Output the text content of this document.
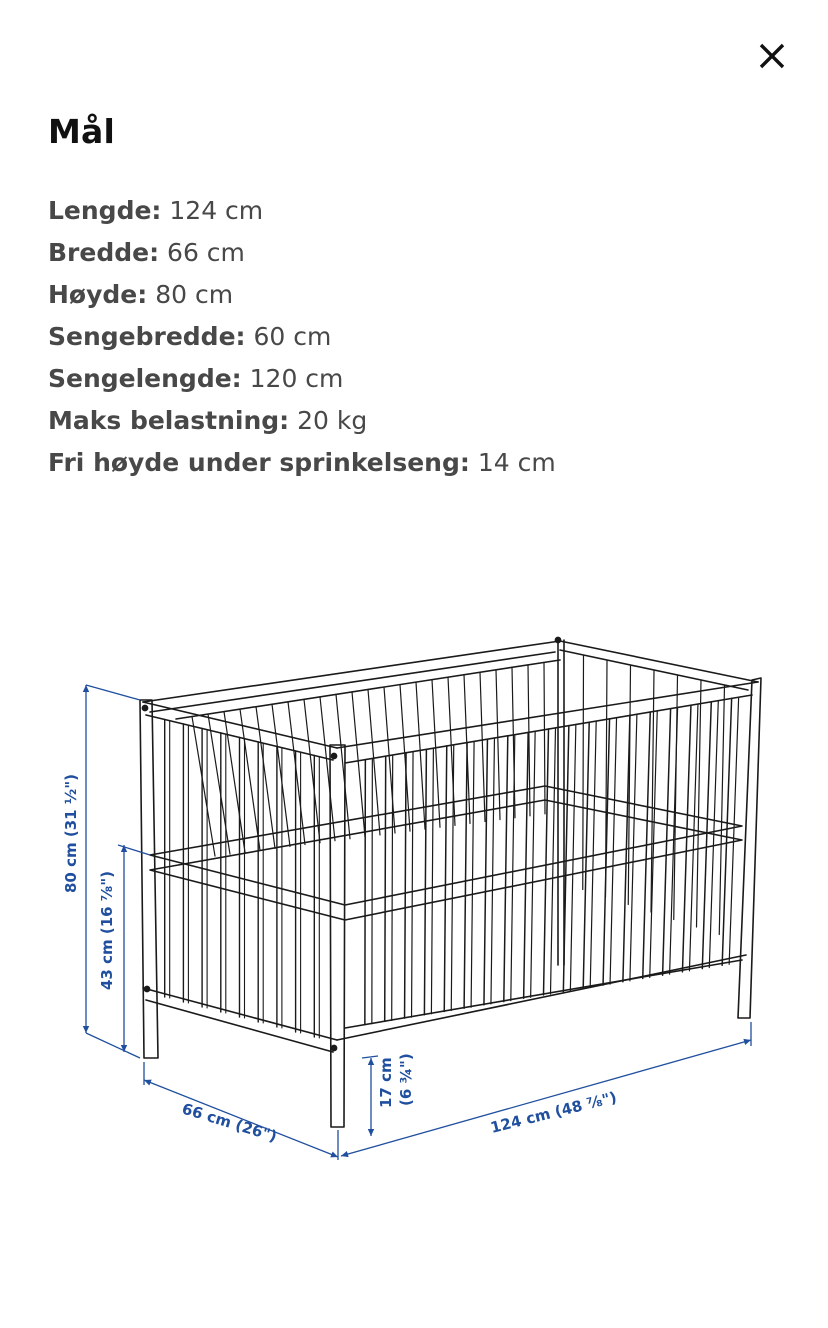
Mål
Lengde: 124 cm
Bredde: 66 cm
Høyde: 80 cm
Sengebredde: 60 cm
Sengelengde: 120 cm
Maks belastning: 20 kg
Fri høyde under sprinkelseng: 14 cm
80 cm (31 ½")
43 cm (16 ⅞")
66 cm (26")	124 cm (48 ⅞")
17 cm (6 ¾")
